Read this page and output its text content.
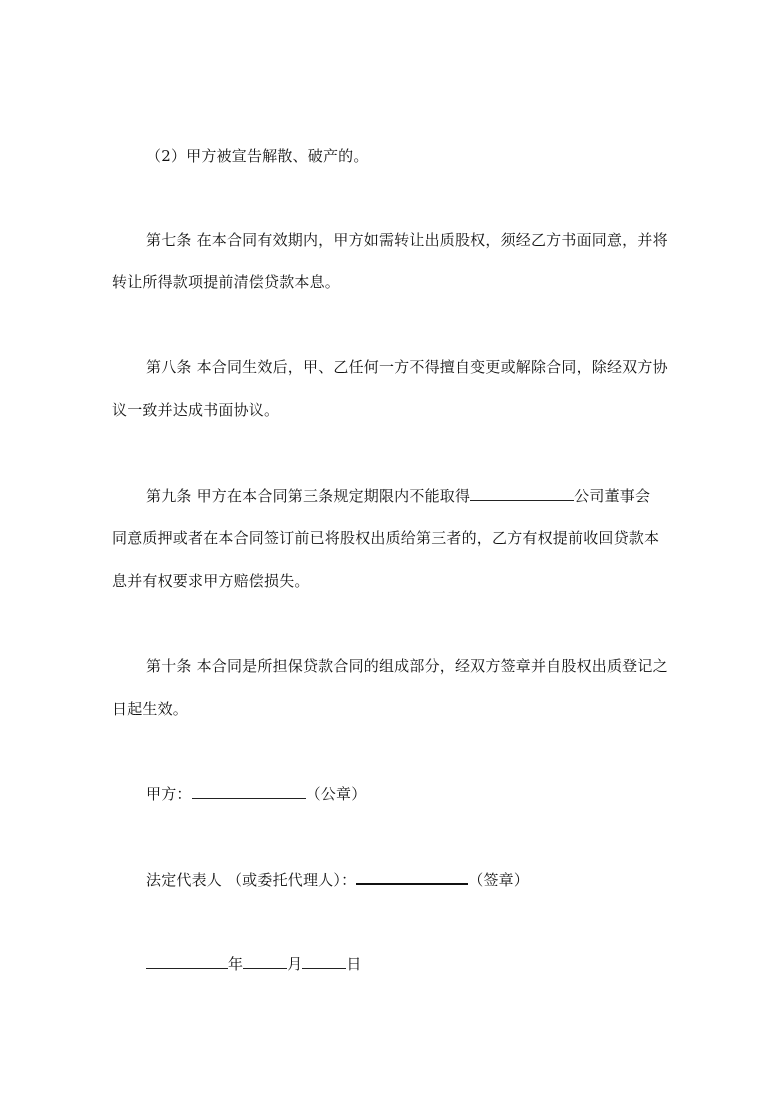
（2）甲方被宣告解散、破产的。
第七条 在本合同有效期内，甲方如需转让出质股权，须经乙方书面同意，并将
转让所得款项提前清偿贷款本息。
第八条 本合同生效后，甲、乙任何一方不得擅自变更或解除合同，除经双方协
议一致并达成书面协议。
第九条 甲方在本合同第三条规定期限内不能取得	公司董事会
同意质押或者在本合同签订前已将股权出质给第三者的，乙方有权提前收回贷款本
息并有权要求甲方赔偿损失。
第十条 本合同是所担保贷款合同的组成部分，经双方签章并自股权出质登记之
日起生效。
甲方：	（公章）
法定代表人 （或委托代理人）：	（签章）
年	月	日
